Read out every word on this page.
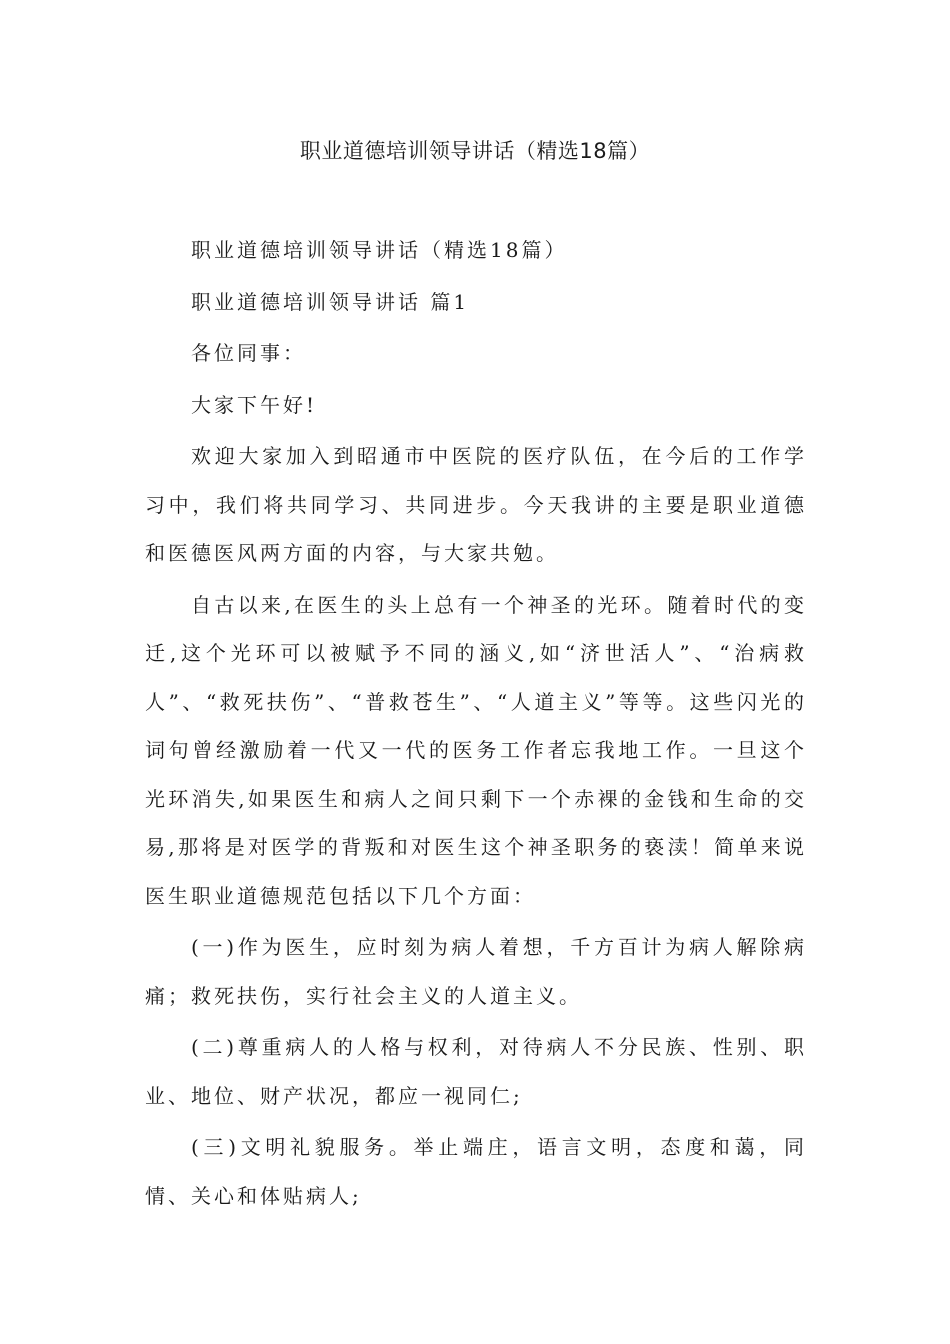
职业道德培训领导讲话（精选18篇）

职业道德培训领导讲话（精选18篇）

职业道德培训领导讲话 篇1

各位同事：

大家下午好!

欢迎大家加入到昭通市中医院的医疗队伍，在今后的工作学习中，我们将共同学习、共同进步。今天我讲的主要是职业道德和医德医风两方面的内容，与大家共勉。

自古以来,在医生的头上总有一个神圣的光环。随着时代的变迁,这个光环可以被赋予不同的涵义,如“济世活人”、“治病救人”、“救死扶伤”、“普救苍生”、“人道主义”等等。这些闪光的词句曾经激励着一代又一代的医务工作者忘我地工作。一旦这个光环消失,如果医生和病人之间只剩下一个赤裸的金钱和生命的交易,那将是对医学的背叛和对医生这个神圣职务的亵渎！简单来说医生职业道德规范包括以下几个方面：

(一)作为医生，应时刻为病人着想，千方百计为病人解除病痛；救死扶伤，实行社会主义的人道主义。

(二)尊重病人的人格与权利，对待病人不分民族、性别、职业、地位、财产状况，都应一视同仁;

(三)文明礼貌服务。举止端庄，语言文明，态度和蔼，同情、关心和体贴病人;
